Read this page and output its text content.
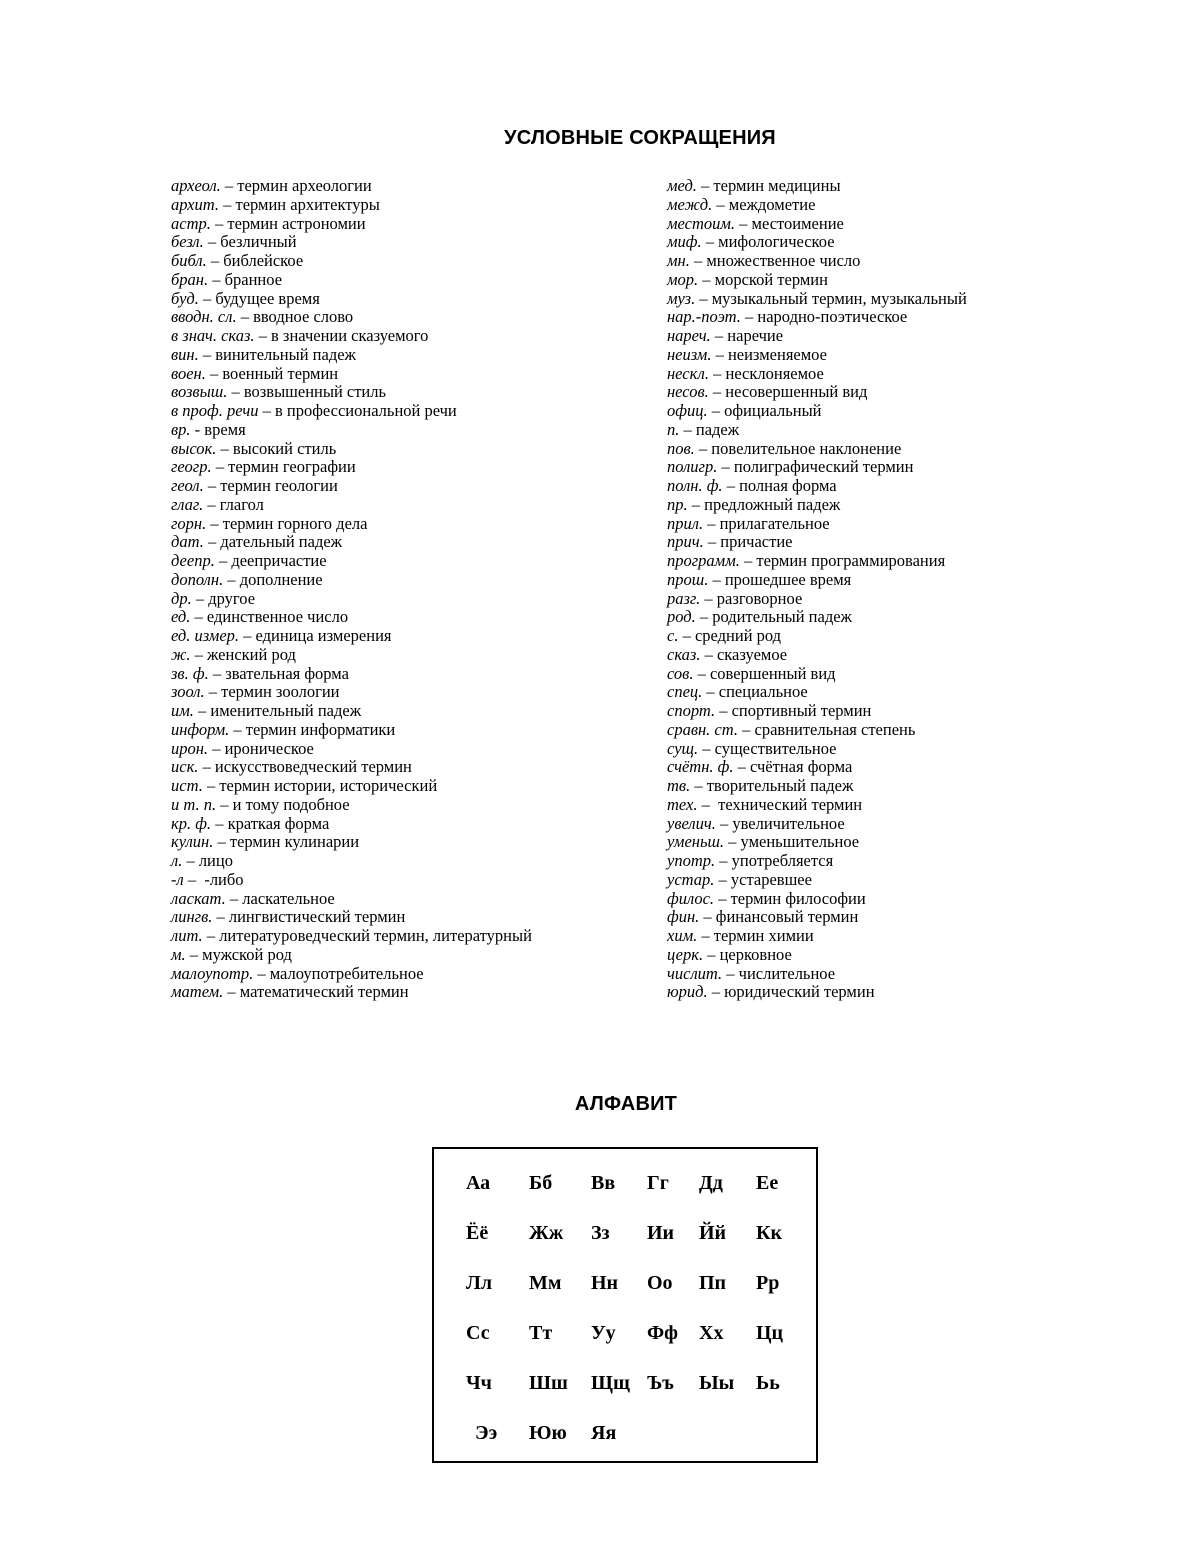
УСЛОВНЫЕ СОКРАЩЕНИЯ
археол. – термин археологии
архит. – термин архитектуры
астр. – термин астрономии
безл. – безличный
библ. – библейское
бран. – бранное
буд. – будущее время
вводн. сл. – вводное слово
в знач. сказ. – в значении сказуемого
вин. – винительный падеж
воен. – военный термин
возвыш. – возвышенный стиль
в проф. речи – в профессиональной речи
вр. - время
высок. – высокий стиль
геогр. – термин географии
геол. – термин геологии
глаг. – глагол
горн. – термин горного дела
дат. – дательный падеж
деепр. – деепричастие
дополн. – дополнение
др. – другое
ед. – единственное число
ед. измер. – единица измерения
ж. – женский род
зв. ф. – звательная форма
зоол. – термин зоологии
им. – именительный падеж
информ. – термин информатики
ирон. – ироническое
иск. – искусствоведческий термин
ист. – термин истории, исторический
и т. п. – и тому подобное
кр. ф. – краткая форма
кулин. – термин кулинарии
л. – лицо
-л –  -либо
ласкат. – ласкательное
лингв. – лингвистический термин
лит. – литературоведческий термин, литературный
м. – мужской род
малоупотр. – малоупотребительное
матем. – математический термин
мед. – термин медицины
межд. – междометие
местоим. – местоимение
миф. – мифологическое
мн. – множественное число
мор. – морской термин
муз. – музыкальный термин, музыкальный
нар.-поэт. – народно-поэтическое
нареч. – наречие
неизм. – неизменяемое
нескл. – несклоняемое
несов. – несовершенный вид
офиц. – официальный
п. – падеж
пов. – повелительное наклонение
полигр. – полиграфический термин
полн. ф. – полная форма
пр. – предложный падеж
прил. – прилагательное
прич. – причастие
программ. – термин программирования
прош. – прошедшее время
разг. – разговорное
род. – родительный падеж
с. – средний род
сказ. – сказуемое
сов. – совершенный вид
спец. – специальное
спорт. – спортивный термин
сравн. ст. – сравнительная степень
сущ. – существительное
счётн. ф. – счётная форма
тв. – творительный падеж
тех. –  технический термин
увелич. – увеличительное
уменьш. – уменьшительное
употр. – употребляется
устар. – устаревшее
филос. – термин философии
фин. – финансовый термин
хим. – термин химии
церк. – церковное
числит. – числительное
юрид. – юридический термин
АЛФАВИТ
Аа Бб Вв Гг Дд Ее
Ёё Жж Зз Ии Йй Кк
Лл Мм Нн Оо Пп Рр
Сс Тт Уу Фф Хх Цц
Чч Шш Щщ Ъъ Ыы Ьь
Ээ Юю Яя
